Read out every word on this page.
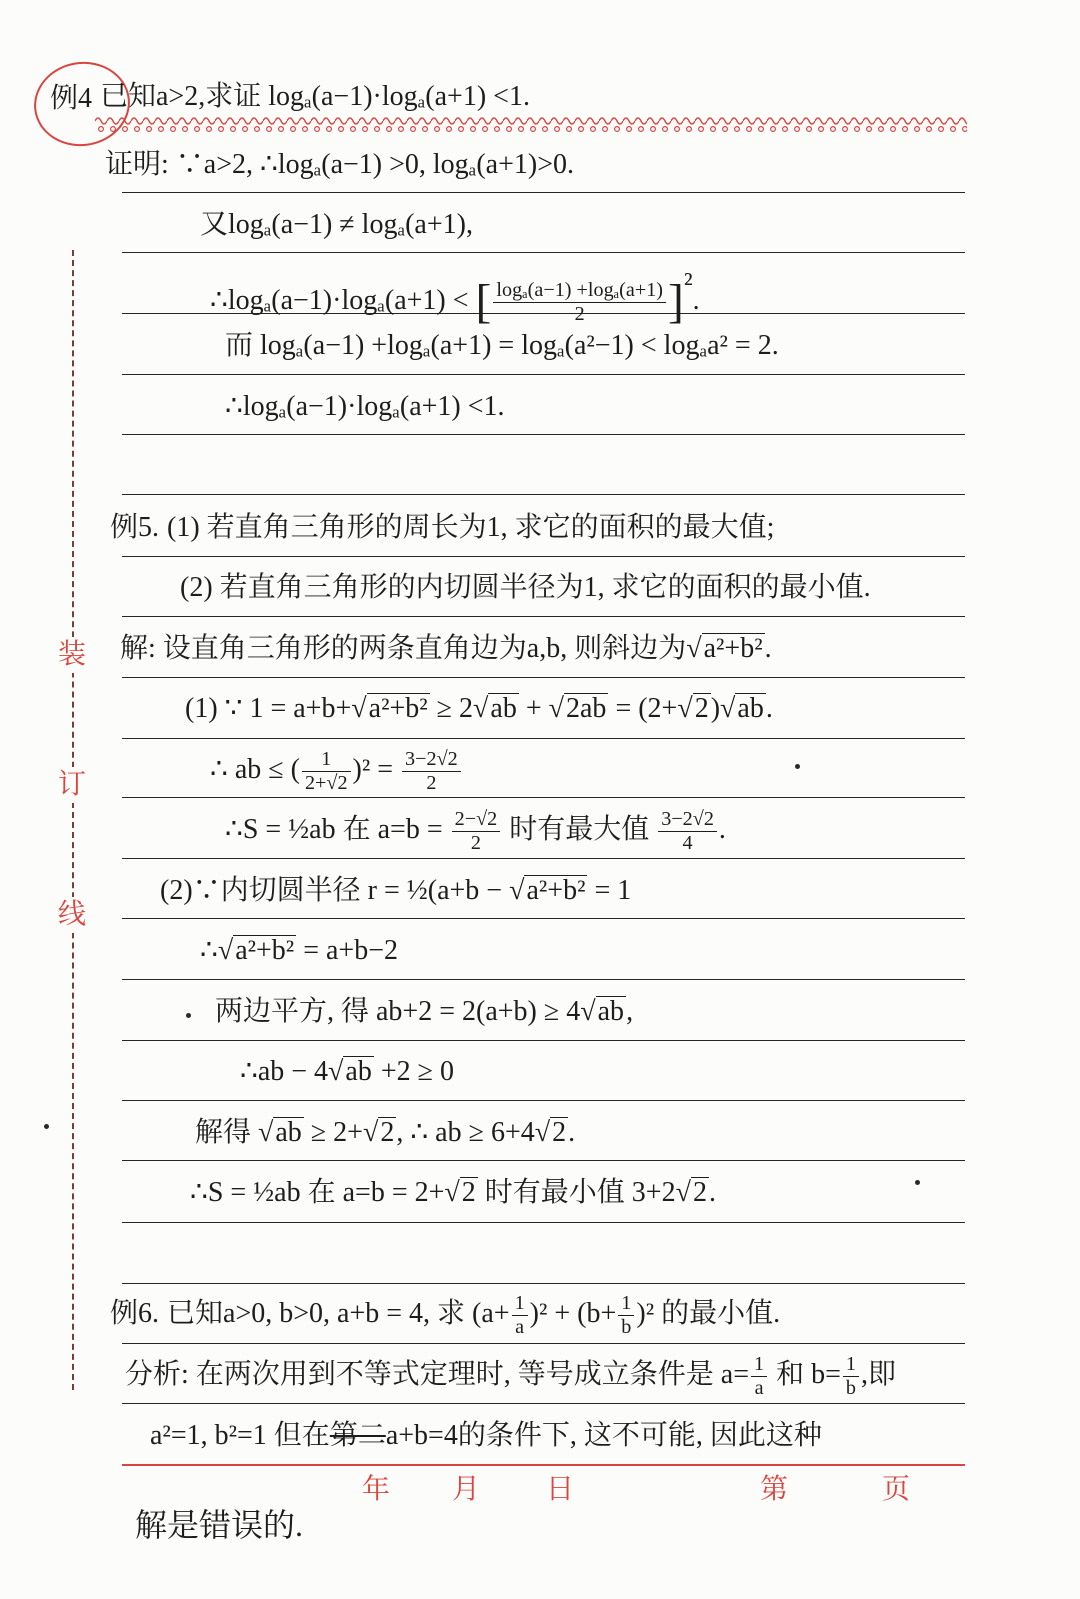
装
订
线
例4 已知a>2,求证 logₐ(a−1)·logₐ(a+1) <1.
证明: ∵a>2, ∴logₐ(a−1) >0, logₐ(a+1)>0.
又logₐ(a−1) ≠ logₐ(a+1),
∴logₐ(a−1)·logₐ(a+1) < [ $\frac{\text{logₐ(a−1) +logₐ(a+1)}}{2} ]^2$.
而 logₐ(a−1) +logₐ(a+1) = logₐ(a²−1) < logₐa² = 2.
∴logₐ(a−1)·logₐ(a+1) <1.
例5. (1) 若直角三角形的周长为1, 求它的面积的最大值;
(2) 若直角三角形的内切圆半径为1, 求它的面积的最小值.
解: 设直角三角形的两条直角边为a,b, 则斜边为√a²+b².
(1) ∵ 1 = a+b+√a²+b² ≥ 2√ab + √2ab = (2+√2)√ab.
∴ ab ≤ ( $\frac{1}{2+√2} )^2 = \frac{3-2√2}{2}$
∴S = ½ab 在 $a=b = \frac{2-√2}{2}$ 时有最大值 $\frac{3-2√2}{4}$ .
(2)∵内切圆半径 r = ½(a+b − √a²+b² = 1
∴√a²+b² = a+b−2
两边平方, 得 ab+2 = 2(a+b) ≥ 4√ab,
∴ab − 4√ab +2 ≥ 0
解得 √ab ≥ 2+√2, ∴ ab ≥ 6+4√2.
∴S = ½ab 在 a=b = 2+√2 时有最小值 3+2√2.
例6. 已知a>0, b>0, a+b = 4, 求 $(a+ \frac{1}{a} )^2 + (b+ \frac{1}{b} )^2$ 的最小值.
分析: 在两次用到不等式定理时, 等号成立条件是 $a= \frac{1}{a}$ 和 $b= \frac{1}{b}$ ,即
a²=1, b²=1 但在第二a+b=4的条件下, 这不可能, 因此这种
年 月 日	第	页
解是错误的.
